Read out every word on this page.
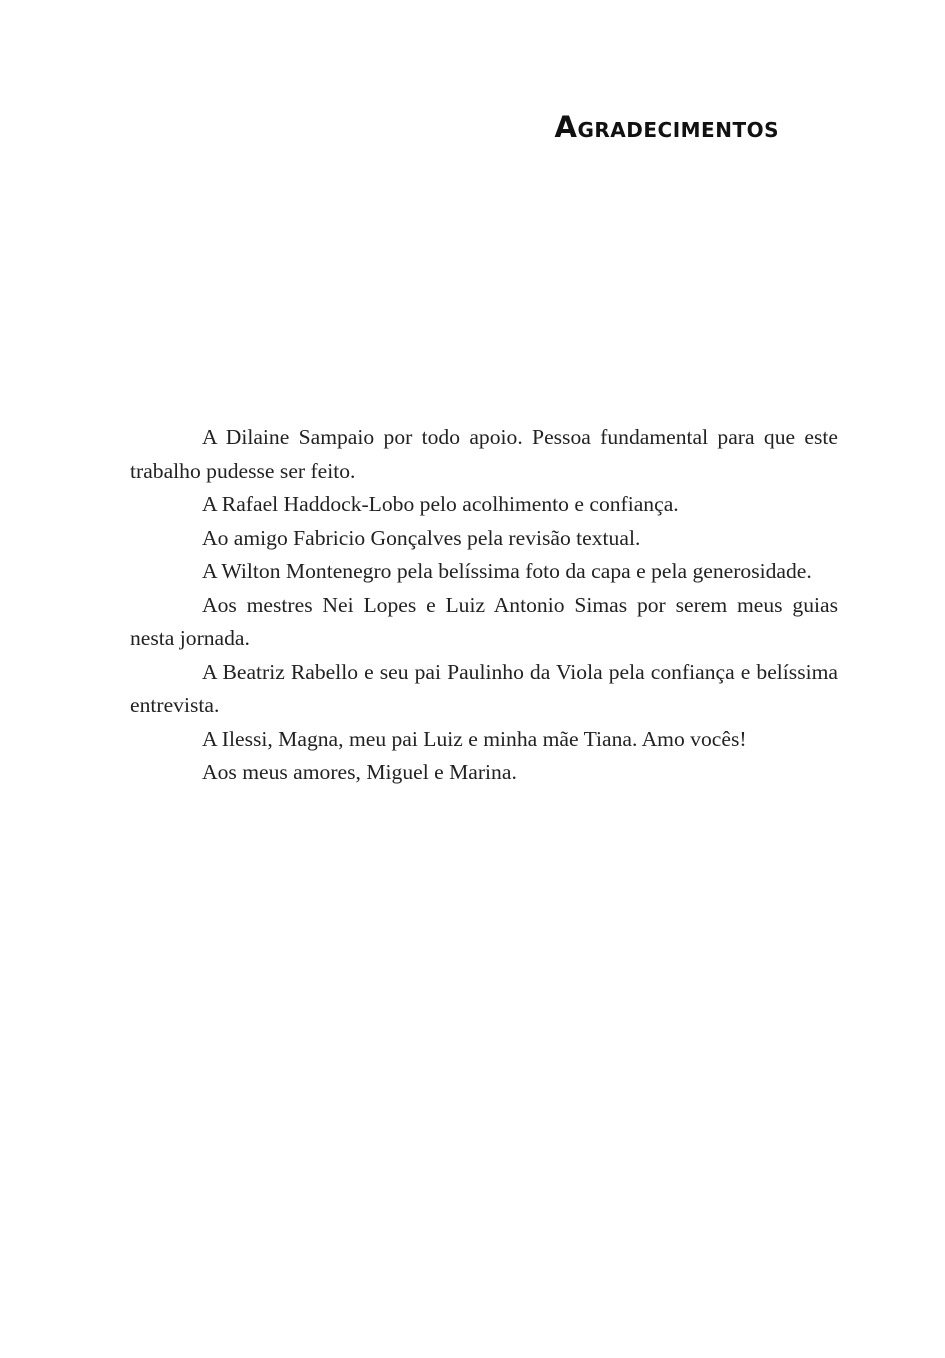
Agradecimentos

A Dilaine Sampaio por todo apoio. Pessoa fundamental para que este trabalho pudesse ser feito.

A Rafael Haddock-Lobo pelo acolhimento e confiança.

Ao amigo Fabricio Gonçalves pela revisão textual.

A Wilton Montenegro pela belíssima foto da capa e pela generosidade.

Aos mestres Nei Lopes e Luiz Antonio Simas por serem meus guias nesta jornada.

A Beatriz Rabello e seu pai Paulinho da Viola pela confiança e belíssima entrevista.

A Ilessi, Magna, meu pai Luiz e minha mãe Tiana. Amo vocês!

Aos meus amores, Miguel e Marina.
